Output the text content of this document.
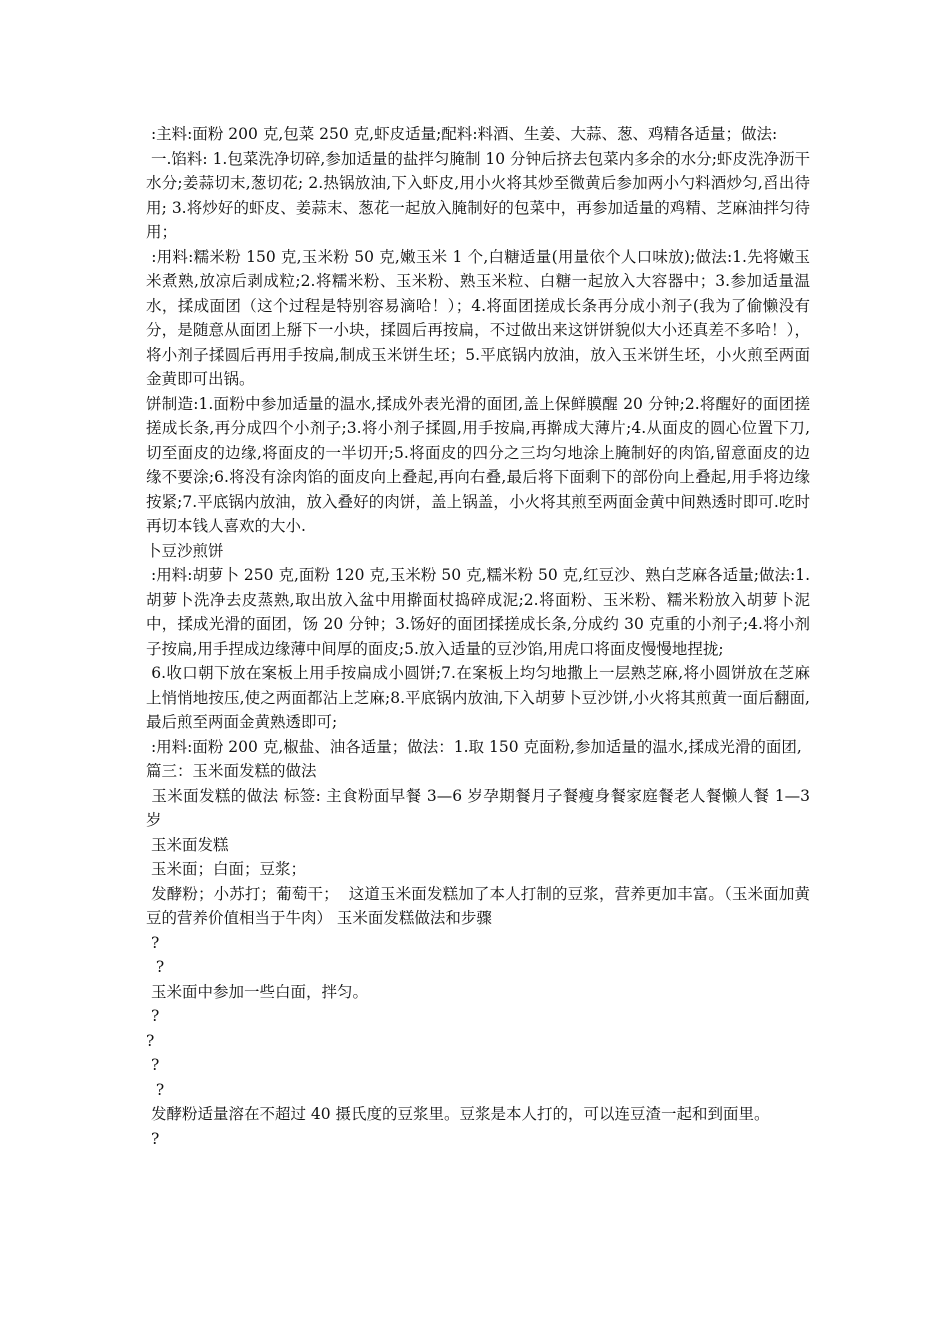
:主料:面粉 200 克,包菜 250 克,虾皮适量;配料:料酒、生姜、大蒜、葱、鸡精各适量；做法:

一.馅料: 1.包菜洗净切碎,参加适量的盐拌匀腌制 10 分钟后挤去包菜内多余的水分;虾皮洗净沥干水分;姜蒜切末,葱切花; 2.热锅放油,下入虾皮,用小火将其炒至微黄后参加两小勺料酒炒匀,舀出待用; 3.将炒好的虾皮、姜蒜末、葱花一起放入腌制好的包菜中，再参加适量的鸡精、芝麻油拌匀待用；

:用料:糯米粉 150 克,玉米粉 50 克,嫩玉米 1 个,白糖适量(用量依个人口味放);做法:1.先将嫩玉米煮熟,放凉后剥成粒;2.将糯米粉、玉米粉、熟玉米粒、白糖一起放入大容器中；3.参加适量温水，揉成面团（这个过程是特别容易滴哈！）；4.将面团搓成长条再分成小剂子(我为了偷懒没有分，是随意从面团上掰下一小块，揉圆后再按扁，不过做出来这饼饼貌似大小还真差不多哈！），将小剂子揉圆后再用手按扁,制成玉米饼生坯；5.平底锅内放油，放入玉米饼生坯，小火煎至两面金黄即可出锅。

饼制造:1.面粉中参加适量的温水,揉成外表光滑的面团,盖上保鲜膜醒 20 分钟;2.将醒好的面团搓搓成长条,再分成四个小剂子;3.将小剂子揉圆,用手按扁,再擀成大薄片;4.从面皮的圆心位置下刀,切至面皮的边缘,将面皮的一半切开;5.将面皮的四分之三均匀地涂上腌制好的肉馅,留意面皮的边缘不要涂;6.将没有涂肉馅的面皮向上叠起,再向右叠,最后将下面剩下的部份向上叠起,用手将边缘按紧;7.平底锅内放油，放入叠好的肉饼，盖上锅盖，小火将其煎至两面金黄中间熟透时即可.吃时再切本钱人喜欢的大小.

卜豆沙煎饼

:用料:胡萝卜 250 克,面粉 120 克,玉米粉 50 克,糯米粉 50 克,红豆沙、熟白芝麻各适量;做法:1.胡萝卜洗净去皮蒸熟,取出放入盆中用擀面杖捣碎成泥;2.将面粉、玉米粉、糯米粉放入胡萝卜泥中，揉成光滑的面团，饧 20 分钟；3.饧好的面团揉搓成长条,分成约 30 克重的小剂子;4.将小剂子按扁,用手捏成边缘薄中间厚的面皮;5.放入适量的豆沙馅,用虎口将面皮慢慢地捏拢;

6.收口朝下放在案板上用手按扁成小圆饼;7.在案板上均匀地撒上一层熟芝麻,将小圆饼放在芝麻上悄悄地按压,使之两面都沾上芝麻;8.平底锅内放油,下入胡萝卜豆沙饼,小火将其煎黄一面后翻面,最后煎至两面金黄熟透即可;

:用料:面粉 200 克,椒盐、油各适量；做法：1.取 150 克面粉,参加适量的温水,揉成光滑的面团,

篇三：玉米面发糕的做法

玉米面发糕的做法 标签: 主食粉面早餐 3—6 岁孕期餐月子餐瘦身餐家庭餐老人餐懒人餐 1—3 岁

玉米面发糕

玉米面；白面；豆浆；

发酵粉；小苏打；葡萄干；  这道玉米面发糕加了本人打制的豆浆，营养更加丰富。（玉米面加黄豆的营养价值相当于牛肉） 玉米面发糕做法和步骤

?

?

玉米面中参加一些白面，拌匀。

?

?

?

?

发酵粉适量溶在不超过 40 摄氏度的豆浆里。豆浆是本人打的，可以连豆渣一起和到面里。

?
